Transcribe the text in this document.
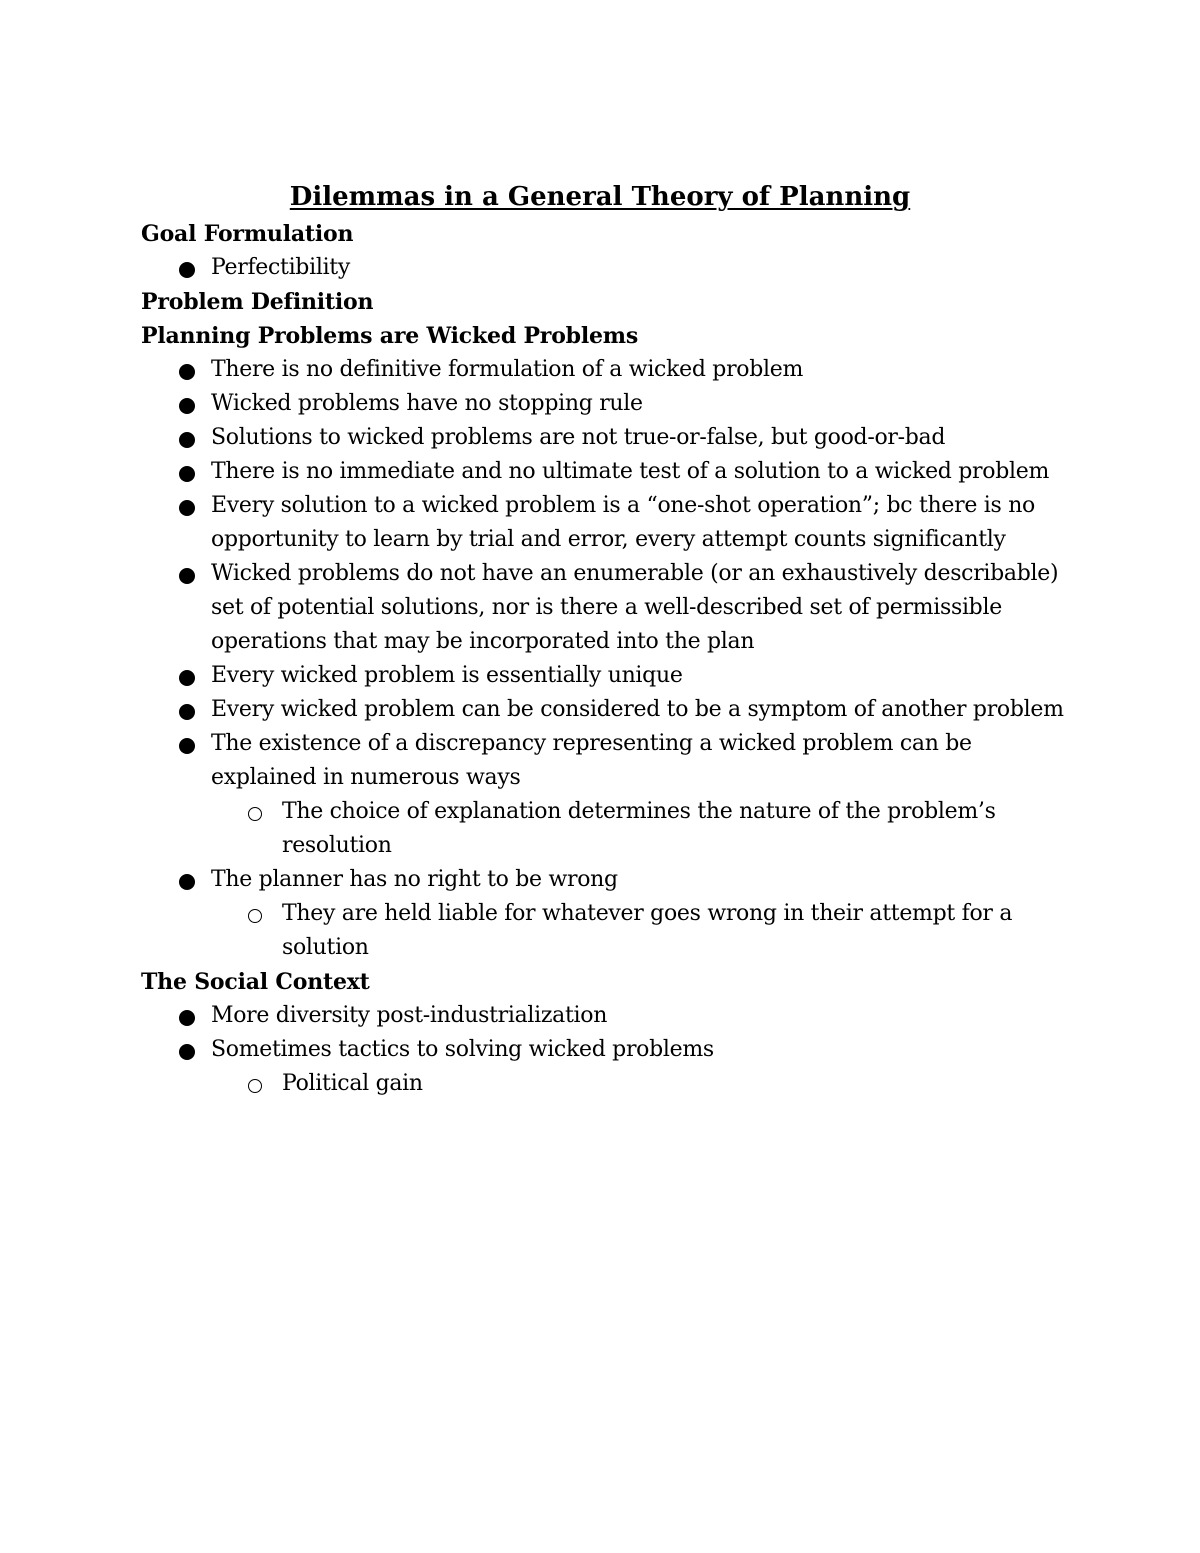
Dilemmas in a General Theory of Planning
Goal Formulation
Perfectibility
Problem Definition
Planning Problems are Wicked Problems
There is no definitive formulation of a wicked problem
Wicked problems have no stopping rule
Solutions to wicked problems are not true-or-false, but good-or-bad
There is no immediate and no ultimate test of a solution to a wicked problem
Every solution to a wicked problem is a “one-shot operation”; bc there is no opportunity to learn by trial and error, every attempt counts significantly
Wicked problems do not have an enumerable (or an exhaustively describable) set of potential solutions, nor is there a well-described set of permissible operations that may be incorporated into the plan
Every wicked problem is essentially unique
Every wicked problem can be considered to be a symptom of another problem
The existence of a discrepancy representing a wicked problem can be explained in numerous ways
The choice of explanation determines the nature of the problem’s resolution
The planner has no right to be wrong
They are held liable for whatever goes wrong in their attempt for a solution
The Social Context
More diversity post-industrialization
Sometimes tactics to solving wicked problems
Political gain
